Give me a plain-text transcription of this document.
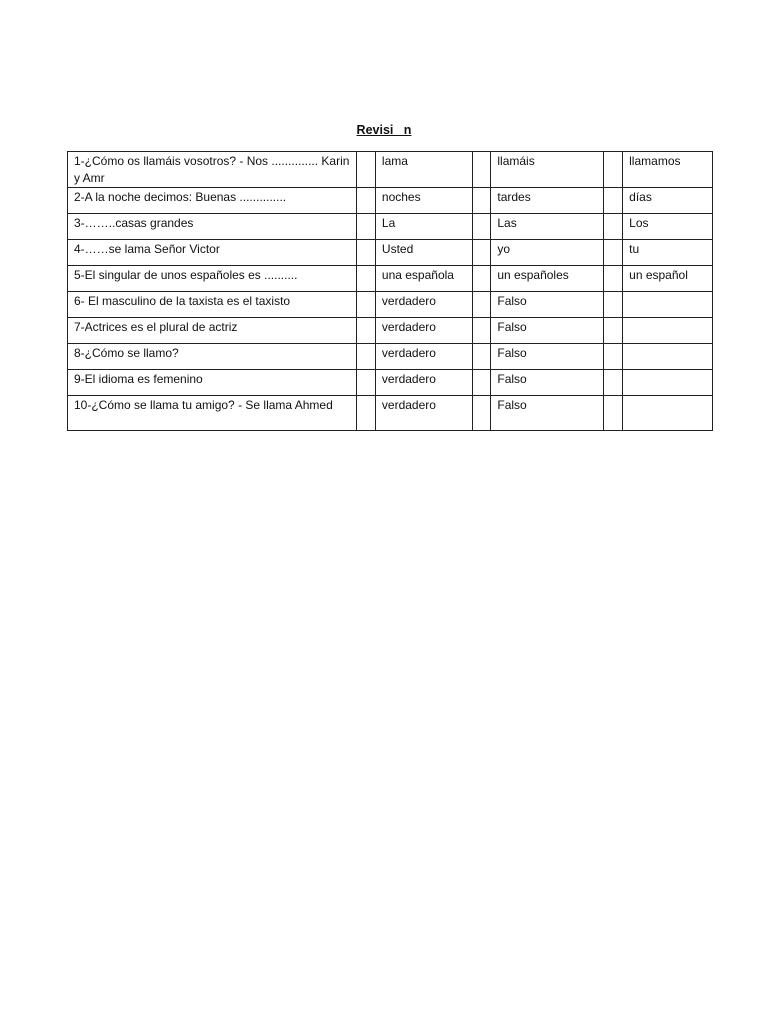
Revisi   n
1-¿Cómo os llamáis vosotros? - Nos .............. Karin y Amr		lama		llamáis		llamamos
2-A la noche decimos: Buenas ..............		noches		tardes		días
3-……..casas grandes		La		Las		Los
4-……se lama Señor Victor		Usted		yo		tu
5-El singular de unos españoles es ..........		una española		un españoles		un español
6- El masculino de la taxista es el taxisto		verdadero		Falso		
7-Actrices es el plural de actriz		verdadero		Falso		
8-¿Cómo se llamo?		verdadero		Falso		
9-El idioma es femenino		verdadero		Falso		
10-¿Cómo se llama tu amigo? - Se llama Ahmed		verdadero		Falso		
